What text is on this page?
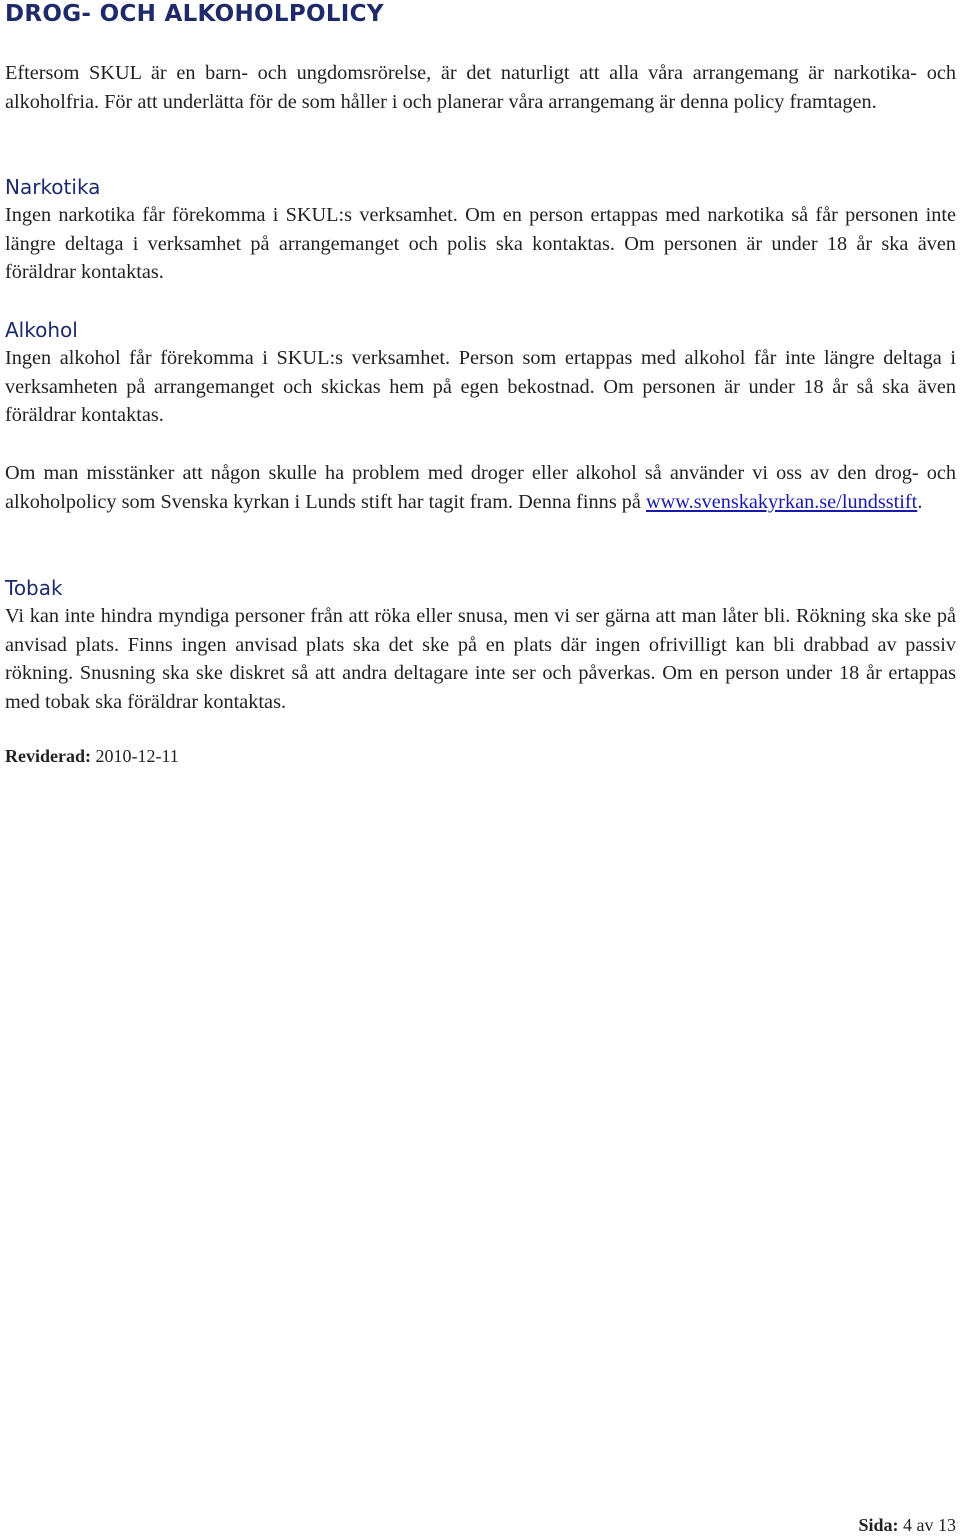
DROG- OCH ALKOHOLPOLICY

Eftersom SKUL är en barn- och ungdomsrörelse, är det naturligt att alla våra arrangemang är narkotika- och alkoholfria. För att underlätta för de som håller i och planerar våra arrangemang är denna policy framtagen.

Narkotika

Ingen narkotika får förekomma i SKUL:s verksamhet. Om en person ertappas med narkotika så får personen inte längre deltaga i verksamhet på arrangemanget och polis ska kontaktas. Om personen är under 18 år ska även föräldrar kontaktas.

Alkohol

Ingen alkohol får förekomma i SKUL:s verksamhet. Person som ertappas med alkohol får inte längre deltaga i verksamheten på arrangemanget och skickas hem på egen bekostnad. Om personen är under 18 år så ska även föräldrar kontaktas.

Om man misstänker att någon skulle ha problem med droger eller alkohol så använder vi oss av den drog- och alkoholpolicy som Svenska kyrkan i Lunds stift har tagit fram. Denna finns på www.svenskakyrkan.se/lundsstift.

Tobak

Vi kan inte hindra myndiga personer från att röka eller snusa, men vi ser gärna att man låter bli. Rökning ska ske på anvisad plats. Finns ingen anvisad plats ska det ske på en plats där ingen ofrivilligt kan bli drabbad av passiv rökning. Snusning ska ske diskret så att andra deltagare inte ser och påverkas. Om en person under 18 år ertappas med tobak ska föräldrar kontaktas.

Reviderad: 2010-12-11

Sida: 4 av 13
